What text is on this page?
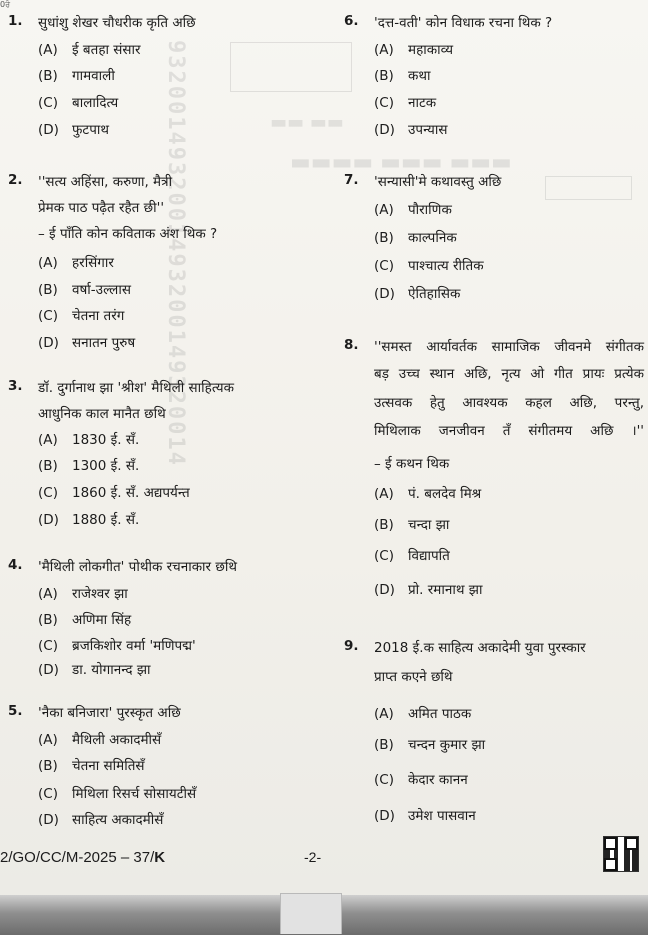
9320014932001493200149320014
0ਰੰ
1. सुधांशु शेखर चौधरीक कृति अछि
(A) ई बतहा संसार
(B) गामवाली
(C) बालादित्य
(D) फुटपाथ
2. ''सत्य अहिंसा, करुणा, मैत्री
प्रेमक पाठ पढ़ैत रहैत छी''
– ई पाँति कोन कविताक अंश थिक ?
(A) हरसिंगार
(B) वर्षा-उल्लास
(C) चेतना तरंग
(D) सनातन पुरुष
3. डॉ. दुर्गानाथ झा 'श्रीश' मैथिली साहित्यक
आधुनिक काल मानैत छथि
(A) 1830 ई. सँ.
(B) 1300 ई. सँ.
(C) 1860 ई. सँ. अद्यपर्यन्त
(D) 1880 ई. सँ.
4. 'मैथिली लोकगीत' पोथीक रचनाकार छथि
(A) राजेश्वर झा
(B) अणिमा सिंह
(C) ब्रजकिशोर वर्मा 'मणिपद्म'
(D) डा. योगानन्द झा
5. 'नैका बनिजारा' पुरस्कृत अछि
(A) मैथिली अकादमीसँ
(B) चेतना समितिसँ
(C) मिथिला रिसर्च सोसायटीसँ
(D) साहित्य अकादमीसँ
6. 'दत्त-वती' कोन विधाक रचना थिक ?
(A) महाकाव्य
(B) कथा
(C) नाटक
(D) उपन्यास
7. 'सन्यासी'मे कथावस्तु अछि
(A) पौराणिक
(B) काल्पनिक
(C) पाश्चात्य रीतिक
(D) ऐतिहासिक
8. ''समस्त आर्यावर्तक सामाजिक जीवनमे संगीतक
बड़ उच्च स्थान अछि, नृत्य ओ गीत प्रायः प्रत्येक
उत्सवक हेतु आवश्यक कहल अछि, परन्तु,
मिथिलाक जनजीवन तँ संगीतमय अछि ।''
– ई कथन थिक
(A) पं. बलदेव मिश्र
(B) चन्दा झा
(C) विद्यापति
(D) प्रो. रमानाथ झा
9. 2018 ई.क साहित्य अकादेमी युवा पुरस्कार
प्राप्त कएने छथि
(A) अमित पाठक
(B) चन्दन कुमार झा
(C) केदार कानन
(D) उमेश पासवान
2/GO/CC/M-2025 – 37/K	-2-
